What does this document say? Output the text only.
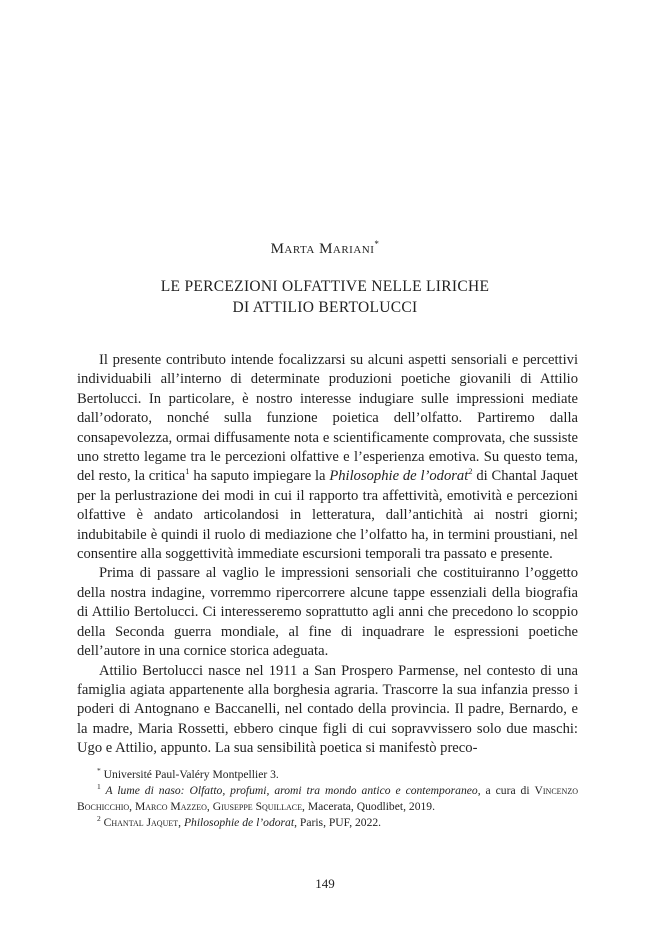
Marta Mariani*
LE PERCEZIONI OLFATTIVE NELLE LIRICHE
DI ATTILIO BERTOLUCCI

Il presente contributo intende focalizzarsi su alcuni aspetti sensoriali e percettivi individuabili all’interno di determinate produzioni poetiche giovanili di Attilio Bertolucci. In particolare, è nostro interesse indugiare sulle impressioni mediate dall’odorato, nonché sulla funzione poietica dell’olfatto. Partiremo dalla consapevolezza, ormai diffusamente nota e scientificamente comprovata, che sussiste uno stretto legame tra le percezioni olfattive e l’esperienza emotiva. Su questo tema, del resto, la critica$^1$ ha saputo impiegare la Philosophie de l’odorat$^2$ di Chantal Jaquet per la perlustrazione dei modi in cui il rapporto tra affettività, emotività e percezioni olfattive è andato articolandosi in letteratura, dall’antichità ai nostri giorni; indubitabile è quindi il ruolo di mediazione che l’olfatto ha, in termini proustiani, nel consentire alla soggettività immediate escursioni temporali tra passato e presente.

Prima di passare al vaglio le impressioni sensoriali che costituiranno l’oggetto della nostra indagine, vorremmo ripercorrere alcune tappe essenziali della biografia di Attilio Bertolucci. Ci interesseremo soprattutto agli anni che precedono lo scoppio della Seconda guerra mondiale, al fine di inquadrare le espressioni poetiche dell’autore in una cornice storica adeguata.

Attilio Bertolucci nasce nel 1911 a San Prospero Parmense, nel contesto di una famiglia agiata appartenente alla borghesia agraria. Trascorre la sua infanzia presso i poderi di Antognano e Baccanelli, nel contado della provincia. Il padre, Bernardo, e la madre, Maria Rossetti, ebbero cinque figli di cui sopravvissero solo due maschi: Ugo e Attilio, appunto. La sua sensibilità poetica si manifestò preco-

* Université Paul-Valéry Montpellier 3.

$^1$ A lume di naso: Olfatto, profumi, aromi tra mondo antico e contemporaneo, a cura di Vincenzo Bochicchio, Marco Mazzeo, Giuseppe Squillace, Macerata, Quodlibet, 2019.

$^2$ Chantal Jaquet, Philosophie de l’odorat, Paris, PUF, 2022.

149
